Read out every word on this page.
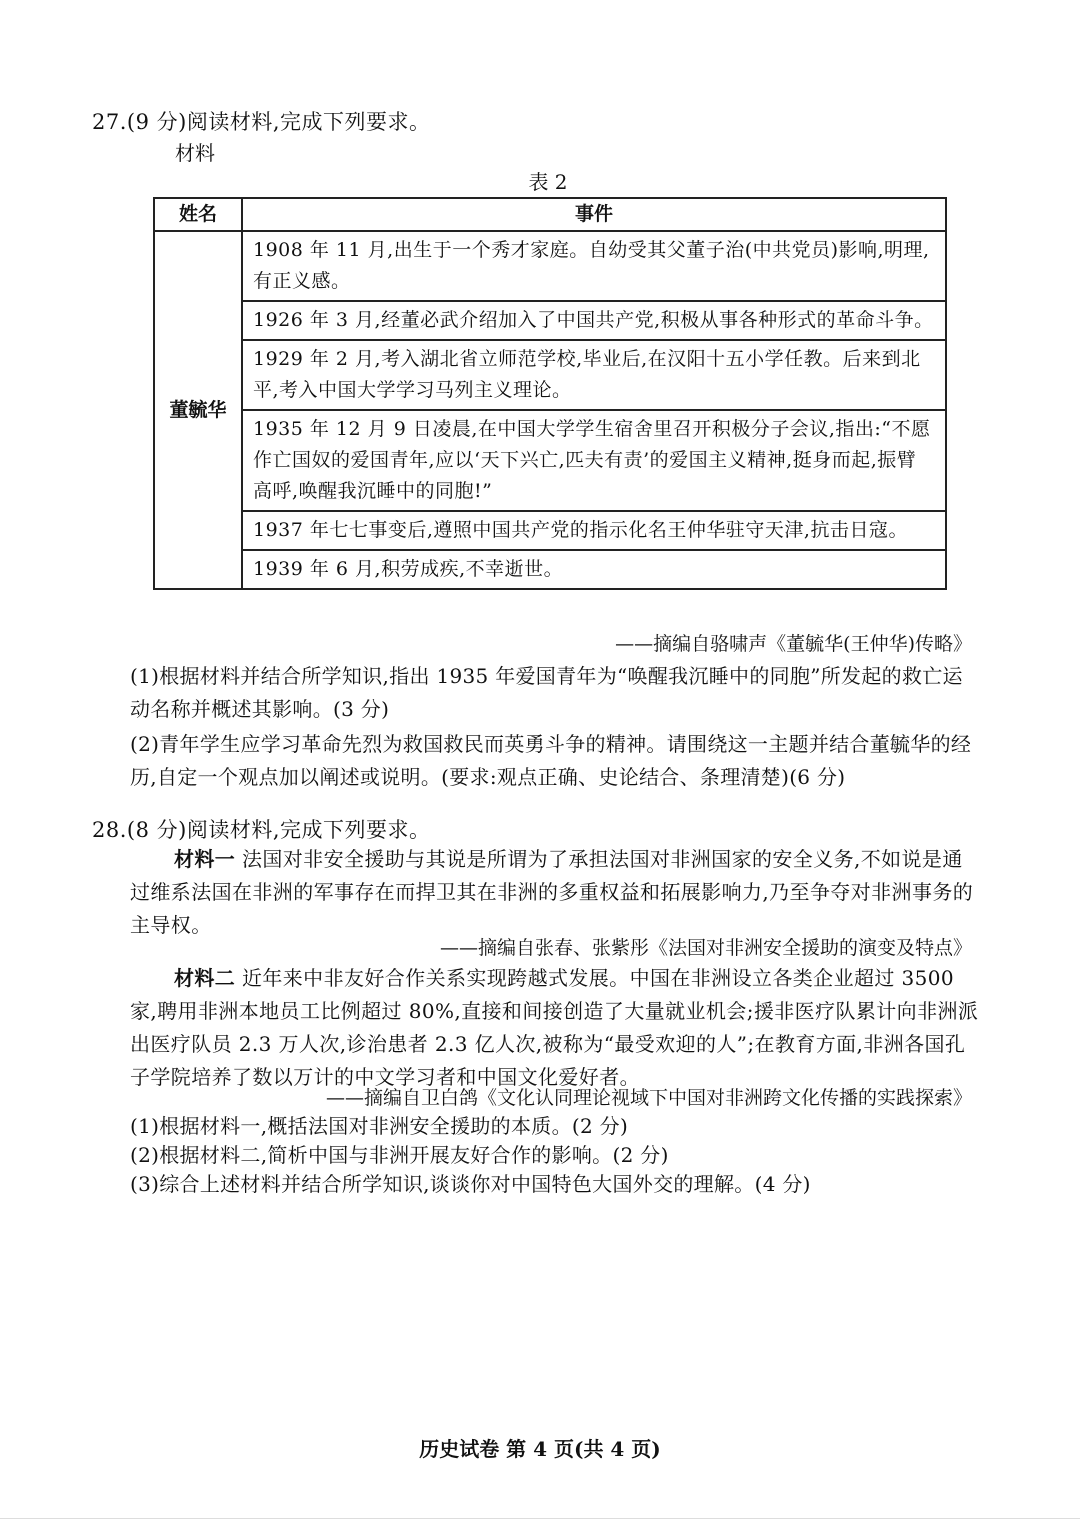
27.(9 分)阅读材料,完成下列要求。
材料
表 2
姓名	事件
董毓华	1908 年 11 月,出生于一个秀才家庭。自幼受其父董子治(中共党员)影响,明理,有正义感。
	1926 年 3 月,经董必武介绍加入了中国共产党,积极从事各种形式的革命斗争。
	1929 年 2 月,考入湖北省立师范学校,毕业后,在汉阳十五小学任教。后来到北平,考入中国大学学习马列主义理论。
	1935 年 12 月 9 日凌晨,在中国大学学生宿舍里召开积极分子会议,指出:“不愿作亡国奴的爱国青年,应以‘天下兴亡,匹夫有责’的爱国主义精神,挺身而起,振臂高呼,唤醒我沉睡中的同胞!”
	1937 年七七事变后,遵照中国共产党的指示化名王仲华驻守天津,抗击日寇。
	1939 年 6 月,积劳成疾,不幸逝世。
——摘编自骆啸声《董毓华(王仲华)传略》
(1)根据材料并结合所学知识,指出 1935 年爱国青年为“唤醒我沉睡中的同胞”所发起的救亡运动名称并概述其影响。(3 分)
(2)青年学生应学习革命先烈为救国救民而英勇斗争的精神。请围绕这一主题并结合董毓华的经历,自定一个观点加以阐述或说明。(要求:观点正确、史论结合、条理清楚)(6 分)
28.(8 分)阅读材料,完成下列要求。
材料一 法国对非安全援助与其说是所谓为了承担法国对非洲国家的安全义务,不如说是通过维系法国在非洲的军事存在而捍卫其在非洲的多重权益和拓展影响力,乃至争夺对非洲事务的主导权。
——摘编自张春、张紫彤《法国对非洲安全援助的演变及特点》
材料二 近年来中非友好合作关系实现跨越式发展。中国在非洲设立各类企业超过 3500 家,聘用非洲本地员工比例超过 80%,直接和间接创造了大量就业机会;援非医疗队累计向非洲派出医疗队员 2.3 万人次,诊治患者 2.3 亿人次,被称为“最受欢迎的人”;在教育方面,非洲各国孔子学院培养了数以万计的中文学习者和中国文化爱好者。
——摘编自卫白鸽《文化认同理论视域下中国对非洲跨文化传播的实践探索》
(1)根据材料一,概括法国对非洲安全援助的本质。(2 分)
(2)根据材料二,简析中国与非洲开展友好合作的影响。(2 分)
(3)综合上述材料并结合所学知识,谈谈你对中国特色大国外交的理解。(4 分)
历史试卷 第 4 页(共 4 页)
